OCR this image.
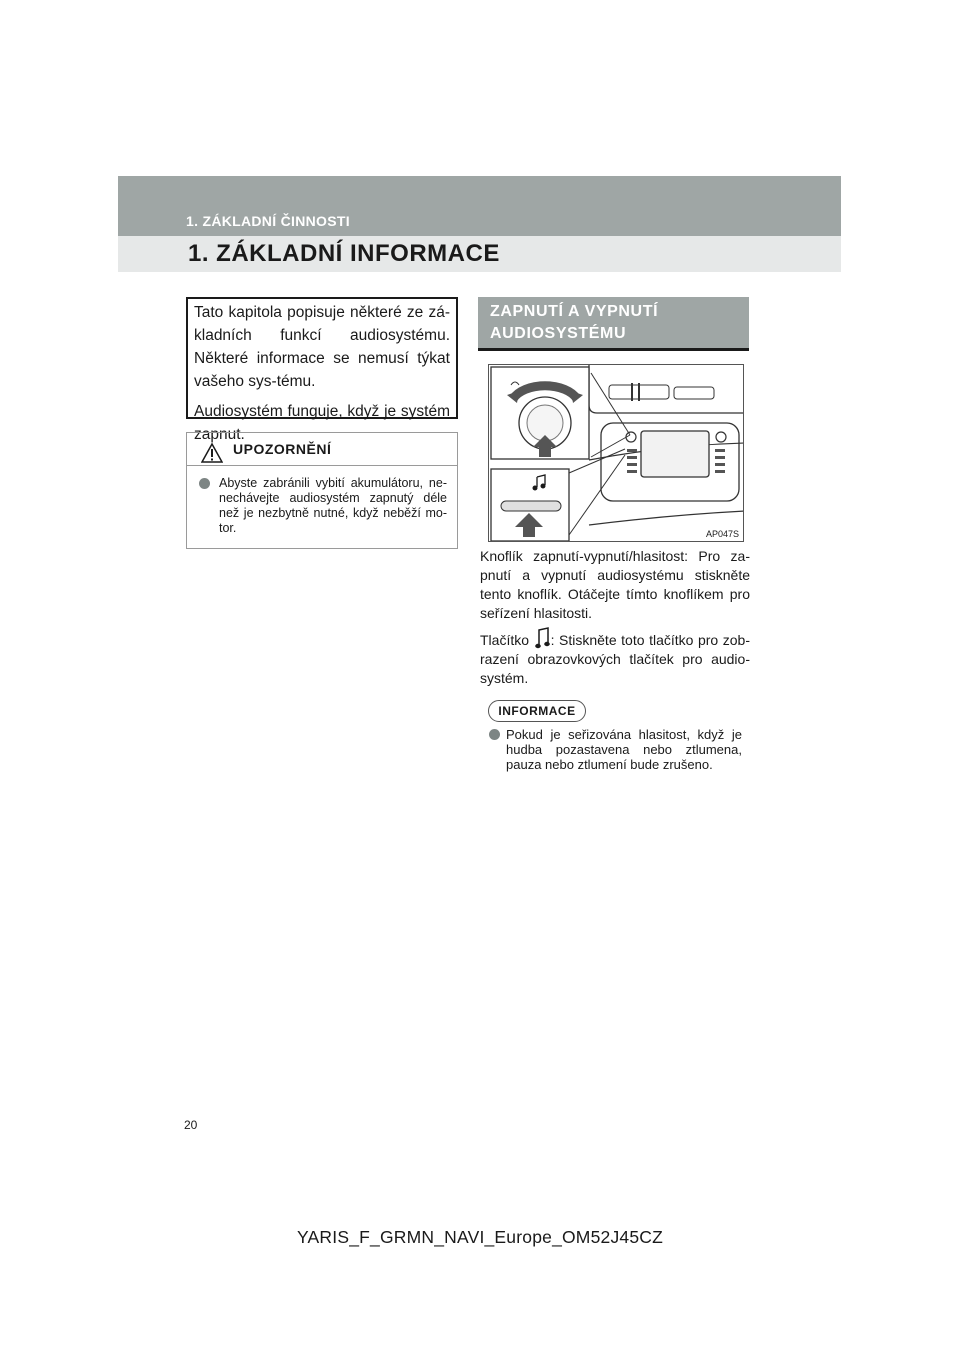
1. ZÁKLADNÍ ČINNOSTI
1. ZÁKLADNÍ INFORMACE

Tato kapitola popisuje některé ze zá-kladních funkcí audiosystému. Některé informace se nemusí týkat vašeho sys-tému.

Audiosystém funguje, když je systém zapnut.

UPOZORNĚNÍ
Abyste zabránili vybití akumulátoru, ne-nechávejte audiosystém zapnutý déle než je nezbytně nutné, když neběží mo-tor.
ZAPNUTÍ A VYPNUTÍ
AUDIOSYSTÉMU
AP047S
Knoflík zapnutí-vypnutí/hlasitost: Pro za-pnutí a vypnutí audiosystému stiskněte tento knoflík. Otáčejte tímto knoflíkem pro seřízení hlasitosti.
Tlačítko : Stiskněte toto tlačítko pro zob-razení obrazovkových tlačítek pro audio-systém.
INFORMACE
Pokud je seřizována hlasitost, když je hudba pozastavena nebo ztlumena, pauza nebo ztlumení bude zrušeno.
20
YARIS_F_GRMN_NAVI_Europe_OM52J45CZ
